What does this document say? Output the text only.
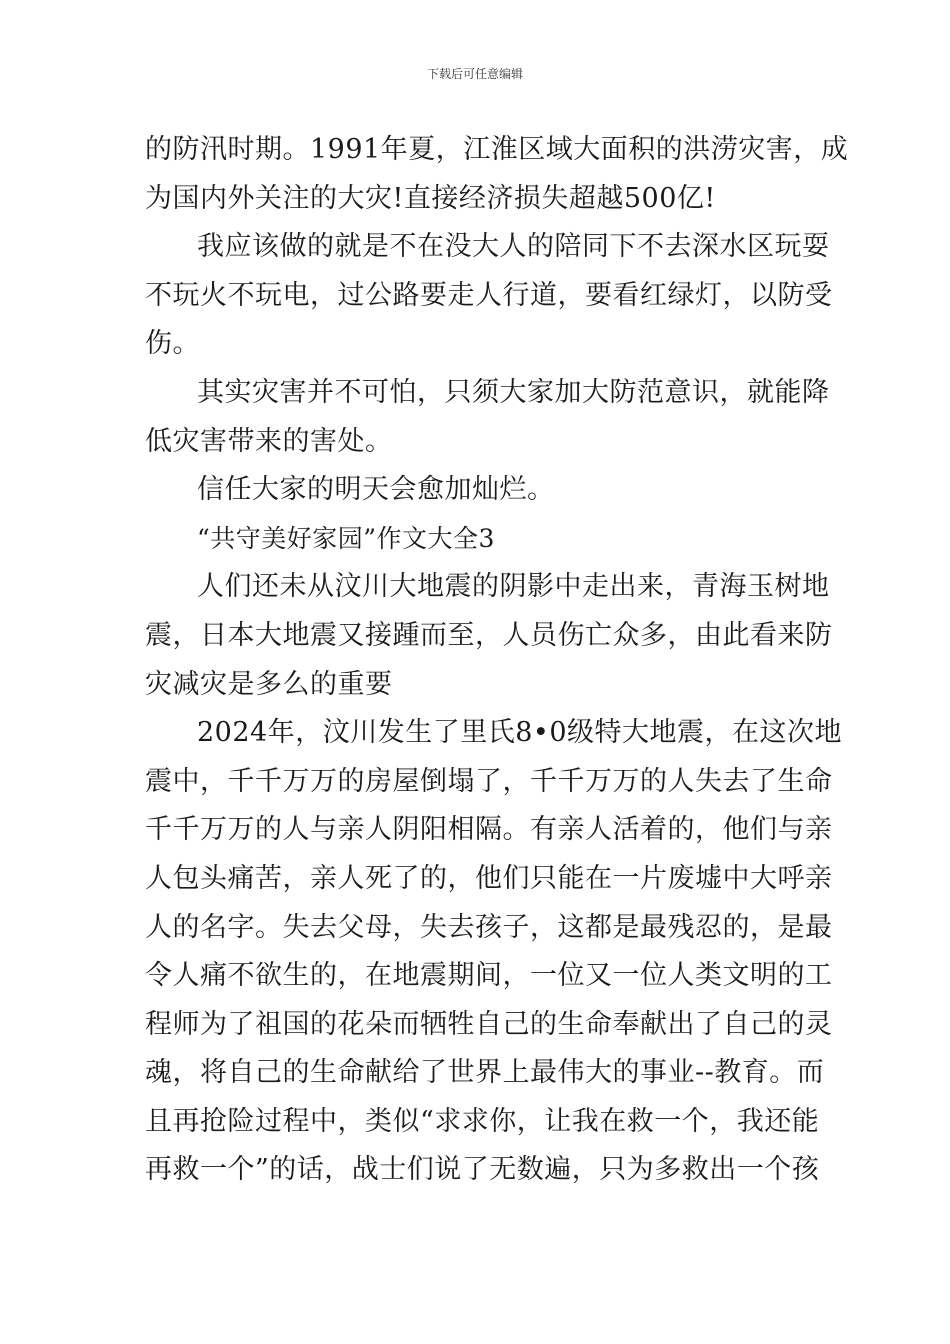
下载后可任意编辑
的防汛时期。1991年夏，江淮区域大面积的洪涝灾害，成
为国内外关注的大灾!直接经济损失超越500亿!
我应该做的就是不在没大人的陪同下不去深水区玩耍
不玩火不玩电，过公路要走人行道，要看红绿灯，以防受
伤。
其实灾害并不可怕，只须大家加大防范意识，就能降
低灾害带来的害处。
信任大家的明天会愈加灿烂。
“共守美好家园”作文大全3
人们还未从汶川大地震的阴影中走出来，青海玉树地
震，日本大地震又接踵而至，人员伤亡众多，由此看来防
灾减灾是多么的重要
2024年，汶川发生了里氏8•0级特大地震，在这次地
震中，千千万万的房屋倒塌了，千千万万的人失去了生命
千千万万的人与亲人阴阳相隔。有亲人活着的，他们与亲
人包头痛苦，亲人死了的，他们只能在一片废墟中大呼亲
人的名字。失去父母，失去孩子，这都是最残忍的，是最
令人痛不欲生的，在地震期间，一位又一位人类文明的工
程师为了祖国的花朵而牺牲自己的生命奉献出了自己的灵
魂，将自己的生命献给了世界上最伟大的事业--教育。而
且再抢险过程中，类似“求求你，让我在救一个，我还能
再救一个”的话，战士们说了无数遍，只为多救出一个孩
